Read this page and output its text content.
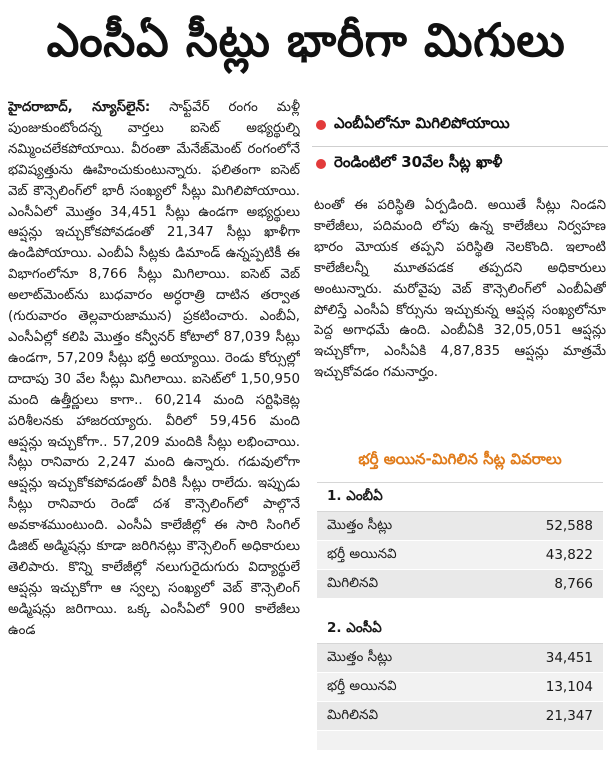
ఎంసీఏ సీట్లు భారీగా మిగులు

హైదరాబాద్, న్యూస్‌లైన్: సాఫ్ట్‌వేర్ రంగం మళ్లీ పుంజుకుంటోందన్న వార్తలు ఐసెట్ అభ్యర్థుల్ని నమ్మించలేకపోయాయి. వీరంతా మేనేజ్‌మెంట్ రంగంలోనే భవిష్యత్తును ఊహించుకుంటున్నారు. ఫలితంగా ఐసెట్ వెబ్ కౌన్సెలింగ్‌లో భారీ సంఖ్యలో సీట్లు మిగిలిపోయాయి. ఎంసీఏలో మొత్తం 34,451 సీట్లు ఉండగా అభ్యర్థులు ఆప్షన్లు ఇచ్చుకోకపోవడంతో 21,347 సీట్లు ఖాళీగా ఉండిపోయాయి. ఎంబీఏ సీట్లకు డిమాండ్ ఉన్నప్పటికీ ఈ విభాగంలోనూ 8,766 సీట్లు మిగిలాయి. ఐసెట్ వెబ్ అలాట్‌మెంట్‌ను బుధవారం అర్ధరాత్రి దాటిన తర్వాత (గురువారం తెల్లవారుజామున) ప్రకటించారు. ఎంబీఏ, ఎంసీఏల్లో కలిపి మొత్తం కన్వీనర్ కోటాలో 87,039 సీట్లు ఉండగా, 57,209 సీట్లు భర్తీ అయ్యాయి. రెండు కోర్సుల్లో దాదాపు 30 వేల సీట్లు మిగిలాయి. ఐసెట్‌లో 1,50,950 మంది ఉత్తీర్ణులు కాగా.. 60,214 మంది సర్టిఫికెట్ల పరిశీలనకు హాజరయ్యారు. వీరిలో 59,456 మంది ఆప్షన్లు ఇచ్చుకోగా.. 57,209 మందికి సీట్లు లభించాయి. సీట్లు రానివారు 2,247 మంది ఉన్నారు. గడువులోగా ఆప్షన్లు ఇచ్చుకోకపోవడంతో వీరికి సీట్లు రాలేదు. ఇప్పుడు సీట్లు రానివారు రెండో దశ కౌన్సెలింగ్‌లో పాల్గొనే అవకాశముంటుంది. ఎంసీఏ కాలేజీల్లో ఈ సారి సింగిల్ డిజిట్ అడ్మిషన్లు కూడా జరిగినట్లు కౌన్సెలింగ్ అధికారులు తెలిపారు. కొన్ని కాలేజీల్లో నలుగురైదుగురు విద్యార్థులే ఆప్షన్లు ఇచ్చుకోగా ఆ స్వల్ప సంఖ్యలో వెబ్ కౌన్సెలింగ్ అడ్మిషన్లు జరిగాయి. ఒక్క ఎంసీఏలో 900 కాలేజీలు ఉండ

ఎంబీఏలోనూ మిగిలిపోయాయి
రెండింటిలో 30వేల సీట్ల ఖాళీ

టంతో ఈ పరిస్థితి ఏర్పడింది. అయితే సీట్లు నిండని కాలేజీలు, పదిమంది లోపు ఉన్న కాలేజీలు నిర్వహణ భారం మోయక తప్పని పరిస్థితి నెలకొంది. ఇలాంటి కాలేజీలన్నీ మూతపడక తప్పదని అధికారులు అంటున్నారు. మరోవైపు వెబ్ కౌన్సెలింగ్‌లో ఎంబీఏతో పోలిస్తే ఎంసీఏ కోర్సును ఇచ్చుకున్న ఆప్షన్ల సంఖ్యలోనూ పెద్ద అగాధమే ఉంది. ఎంబీఏకి 32,05,051 ఆప్షన్లు ఇచ్చుకోగా, ఎంసీఏకి 4,87,835 ఆప్షన్లు మాత్రమే ఇచ్చుకోవడం గమనార్హం.

భర్తీ అయిన-మిగిలిన సీట్ల వివరాలు
1. ఎంబీఏ
మొత్తం సీట్లు	52,588
భర్తీ అయినవి	43,822
మిగిలినవి	8,766
2. ఎంసీఏ
మొత్తం సీట్లు	34,451
భర్తీ అయినవి	13,104
మిగిలినవి	21,347
